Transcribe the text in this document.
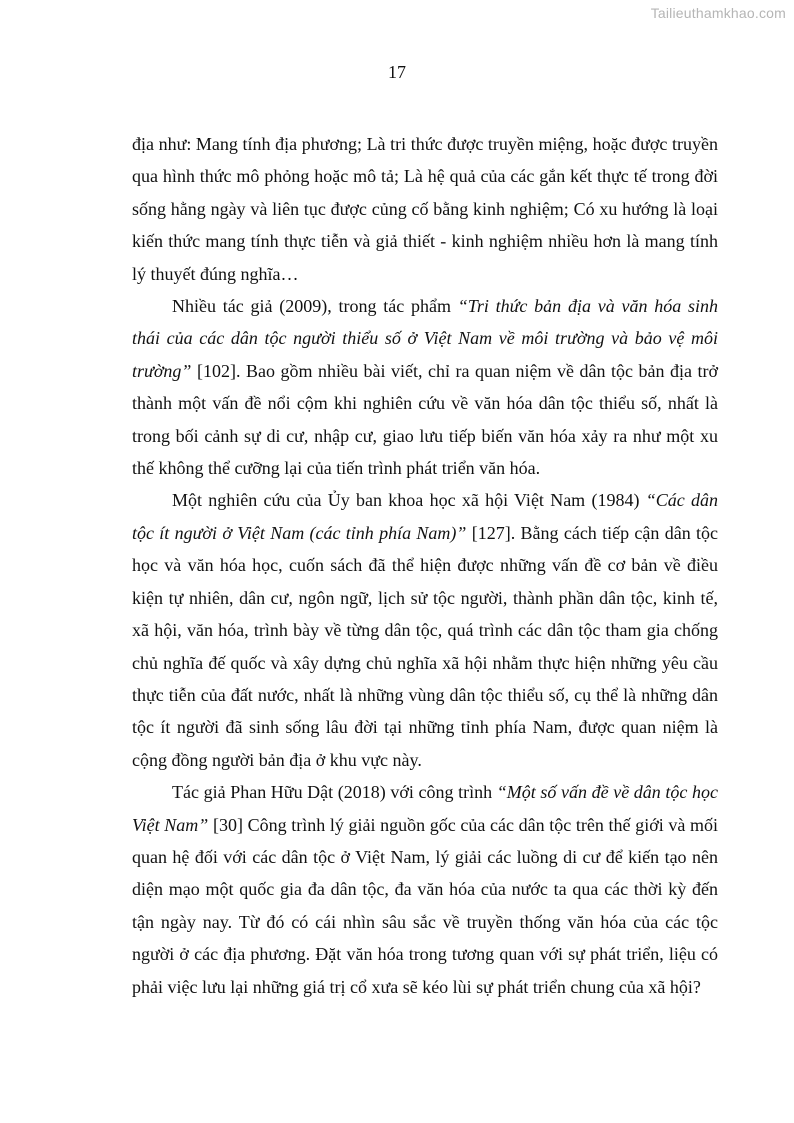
Tailieuthamkhao.com
17

địa như: Mang tính địa phương; Là tri thức được truyền miệng, hoặc được truyền qua hình thức mô phỏng hoặc mô tả; Là hệ quả của các gắn kết thực tế trong đời sống hằng ngày và liên tục được củng cố bằng kinh nghiệm; Có xu hướng là loại kiến thức mang tính thực tiễn và giả thiết - kinh nghiệm nhiều hơn là mang tính lý thuyết đúng nghĩa…

Nhiều tác giả (2009), trong tác phẩm “Tri thức bản địa và văn hóa sinh thái của các dân tộc người thiểu số ở Việt Nam về môi trường và bảo vệ môi trường” [102]. Bao gồm nhiều bài viết, chỉ ra quan niệm về dân tộc bản địa trở thành một vấn đề nổi cộm khi nghiên cứu về văn hóa dân tộc thiểu số, nhất là trong bối cảnh sự di cư, nhập cư, giao lưu tiếp biến văn hóa xảy ra như một xu thế không thể cưỡng lại của tiến trình phát triển văn hóa.

Một nghiên cứu của Ủy ban khoa học xã hội Việt Nam (1984) “Các dân tộc ít người ở Việt Nam (các tỉnh phía Nam)” [127]. Bằng cách tiếp cận dân tộc học và văn hóa học, cuốn sách đã thể hiện được những vấn đề cơ bản về điều kiện tự nhiên, dân cư, ngôn ngữ, lịch sử tộc người, thành phần dân tộc, kinh tế, xã hội, văn hóa, trình bày về từng dân tộc, quá trình các dân tộc tham gia chống chủ nghĩa đế quốc và xây dựng chủ nghĩa xã hội nhằm thực hiện những yêu cầu thực tiễn của đất nước, nhất là những vùng dân tộc thiểu số, cụ thể là những dân tộc ít người đã sinh sống lâu đời tại những tỉnh phía Nam, được quan niệm là cộng đồng người bản địa ở khu vực này.

Tác giả Phan Hữu Dật (2018) với công trình “Một số vấn đề về dân tộc học Việt Nam” [30] Công trình lý giải nguồn gốc của các dân tộc trên thế giới và mối quan hệ đối với các dân tộc ở Việt Nam, lý giải các luồng di cư để kiến tạo nên diện mạo một quốc gia đa dân tộc, đa văn hóa của nước ta qua các thời kỳ đến tận ngày nay. Từ đó có cái nhìn sâu sắc về truyền thống văn hóa của các tộc người ở các địa phương. Đặt văn hóa trong tương quan với sự phát triển, liệu có phải việc lưu lại những giá trị cổ xưa sẽ kéo lùi sự phát triển chung của xã hội?
